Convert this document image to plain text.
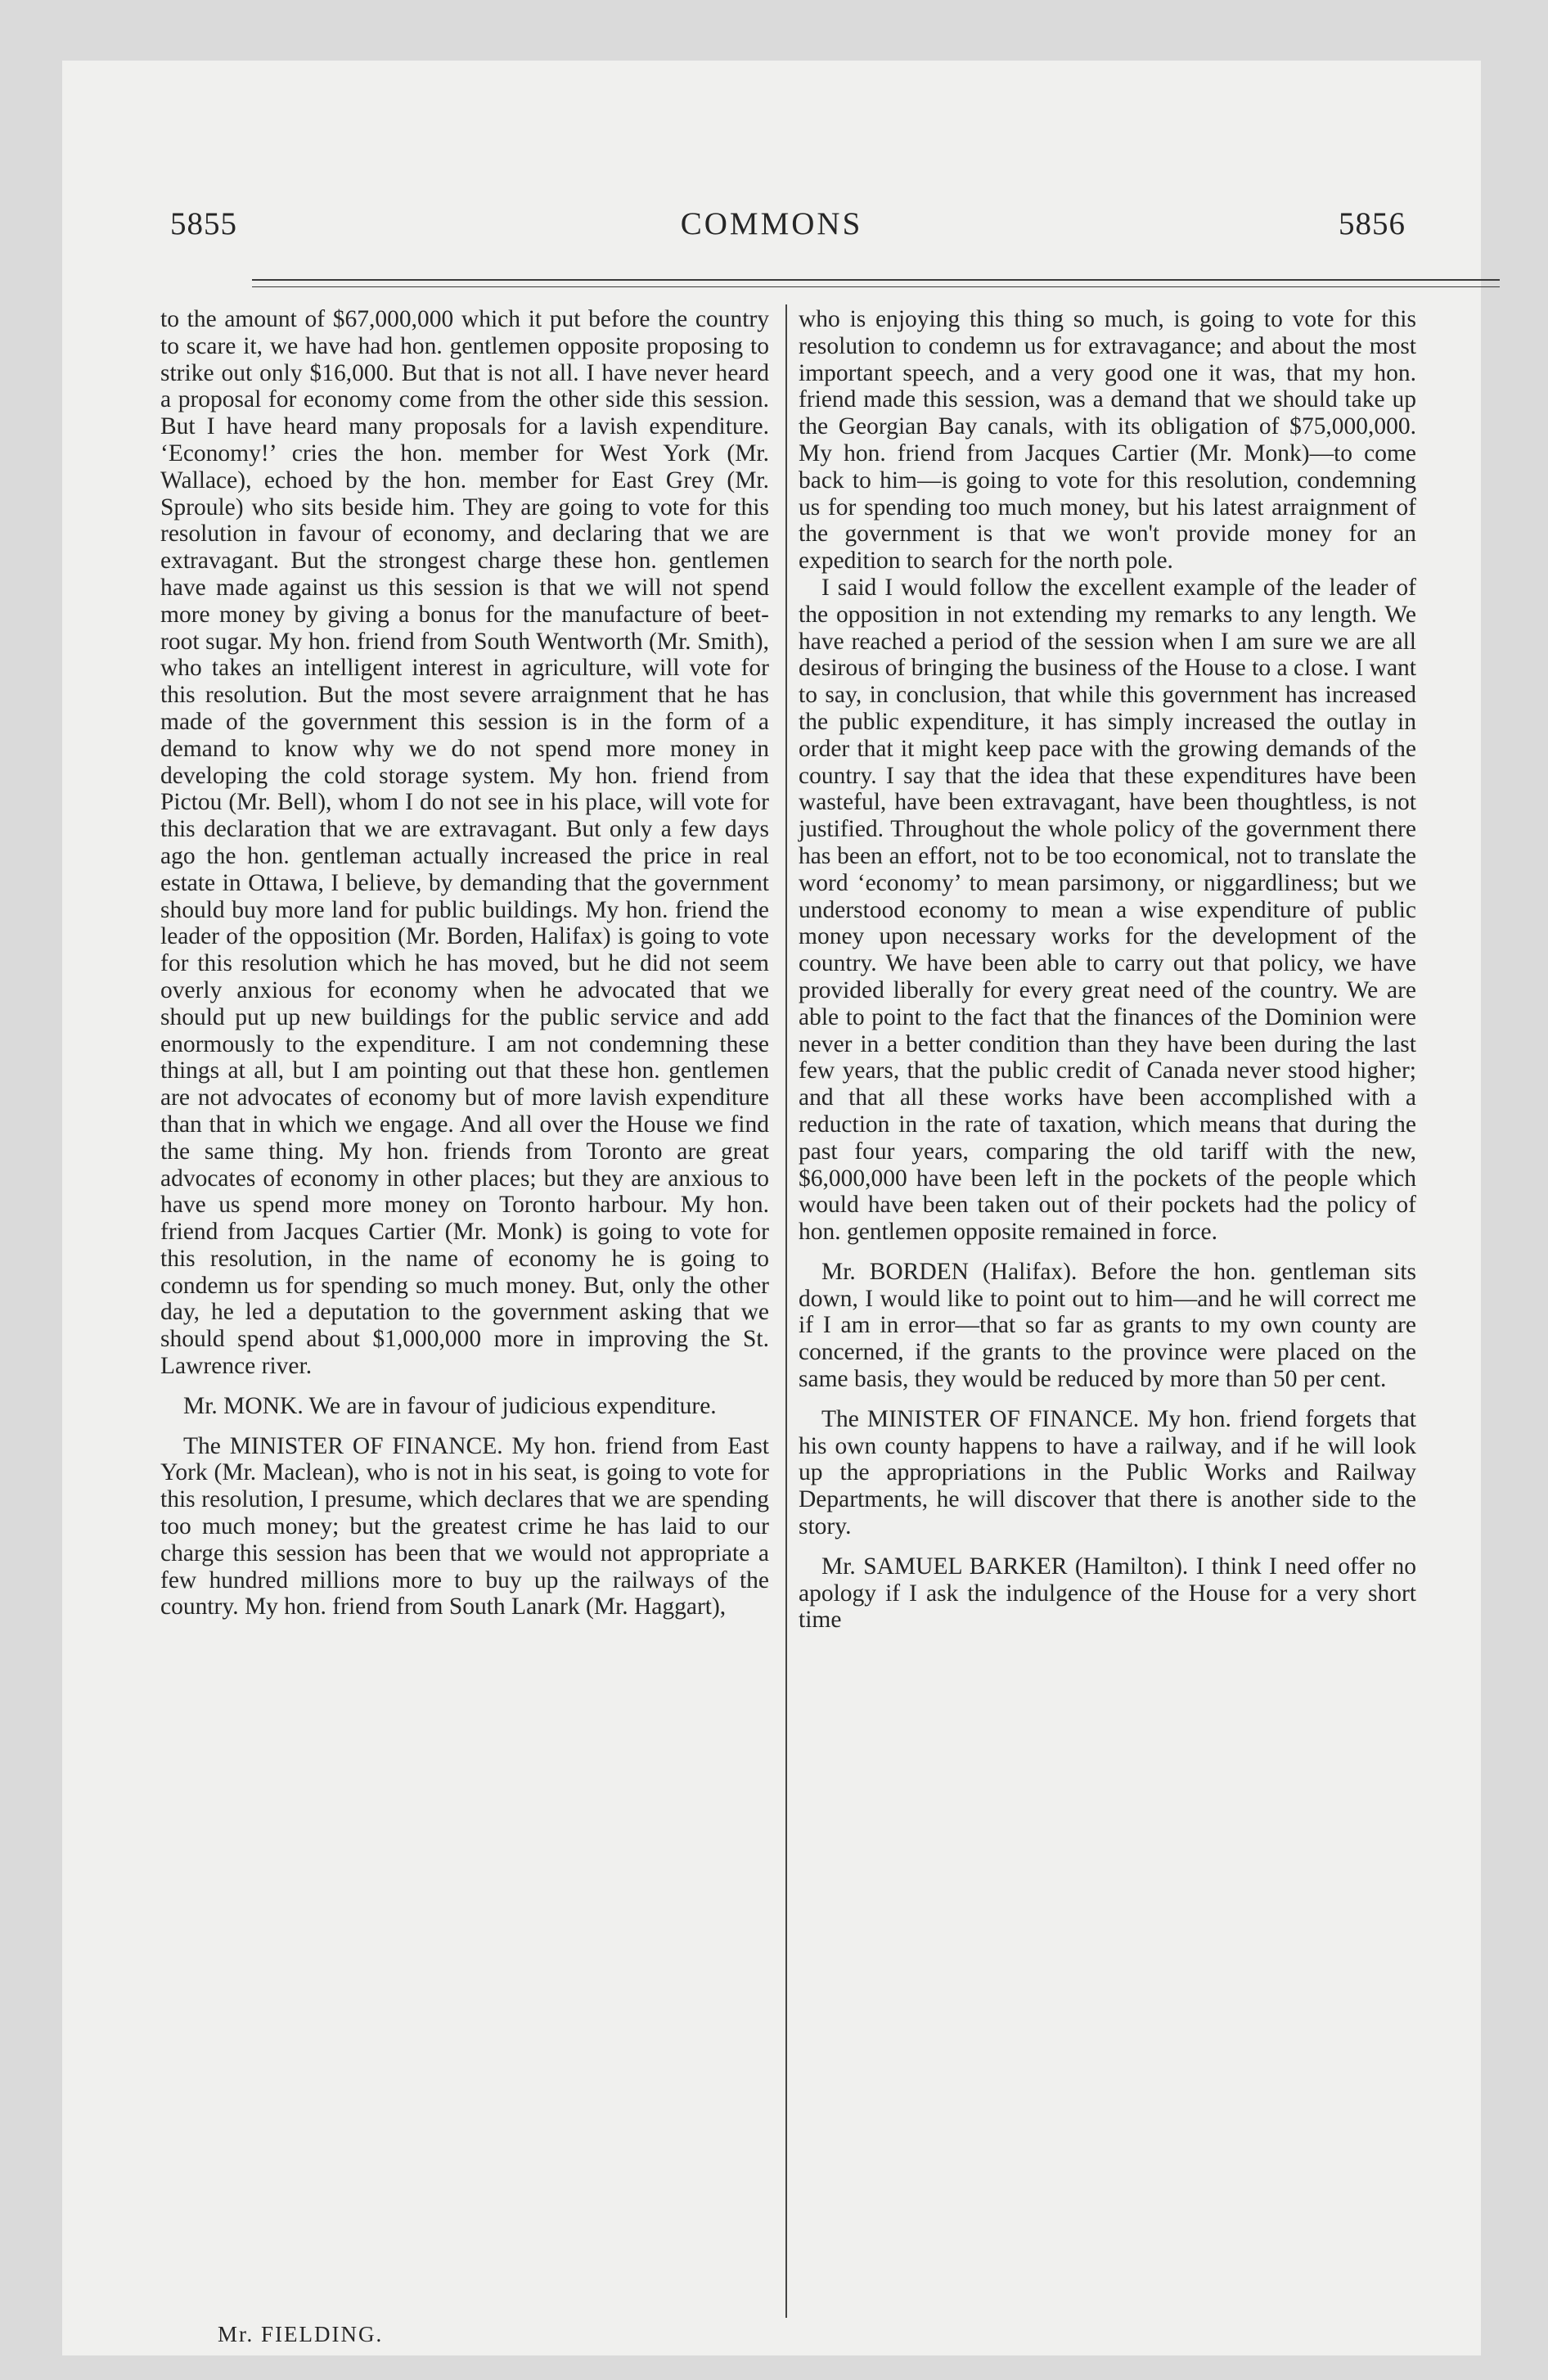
5855	COMMONS	5856

to the amount of $67,000,000 which it put before the country to scare it, we have had hon. gentlemen opposite proposing to strike out only $16,000. But that is not all. I have never heard a proposal for economy come from the other side this session. But I have heard many proposals for a lavish expenditure. ‘Economy!’ cries the hon. member for West York (Mr. Wallace), echoed by the hon. member for East Grey (Mr. Sproule) who sits beside him. They are going to vote for this resolution in favour of economy, and declaring that we are extravagant. But the strongest charge these hon. gentlemen have made against us this session is that we will not spend more money by giving a bonus for the manufacture of beet-root sugar. My hon. friend from South Wentworth (Mr. Smith), who takes an intelligent interest in agriculture, will vote for this resolution. But the most severe arraignment that he has made of the government this session is in the form of a demand to know why we do not spend more money in developing the cold storage system. My hon. friend from Pictou (Mr. Bell), whom I do not see in his place, will vote for this declaration that we are extravagant. But only a few days ago the hon. gentleman actually increased the price in real estate in Ottawa, I believe, by demanding that the government should buy more land for public buildings. My hon. friend the leader of the opposition (Mr. Borden, Halifax) is going to vote for this resolution which he has moved, but he did not seem overly anxious for economy when he advocated that we should put up new buildings for the public service and add enormously to the expenditure. I am not condemning these things at all, but I am pointing out that these hon. gentlemen are not advocates of economy but of more lavish expenditure than that in which we engage. And all over the House we find the same thing. My hon. friends from Toronto are great advocates of economy in other places; but they are anxious to have us spend more money on Toronto harbour. My hon. friend from Jacques Cartier (Mr. Monk) is going to vote for this resolution, in the name of economy he is going to condemn us for spending so much money. But, only the other day, he led a deputation to the government asking that we should spend about $1,000,000 more in improving the St. Lawrence river.

Mr. MONK. We are in favour of judicious expenditure.

The MINISTER OF FINANCE. My hon. friend from East York (Mr. Maclean), who is not in his seat, is going to vote for this resolution, I presume, which declares that we are spending too much money; but the greatest crime he has laid to our charge this session has been that we would not appropriate a few hundred millions more to buy up the railways of the country. My hon. friend from South Lanark (Mr. Haggart),

who is enjoying this thing so much, is going to vote for this resolution to condemn us for extravagance; and about the most important speech, and a very good one it was, that my hon. friend made this session, was a demand that we should take up the Georgian Bay canals, with its obligation of $75,000,000. My hon. friend from Jacques Cartier (Mr. Monk)—to come back to him—is going to vote for this resolution, condemning us for spending too much money, but his latest arraignment of the government is that we won't provide money for an expedition to search for the north pole.

I said I would follow the excellent example of the leader of the opposition in not extending my remarks to any length. We have reached a period of the session when I am sure we are all desirous of bringing the business of the House to a close. I want to say, in conclusion, that while this government has increased the public expenditure, it has simply increased the outlay in order that it might keep pace with the growing demands of the country. I say that the idea that these expenditures have been wasteful, have been extravagant, have been thoughtless, is not justified. Throughout the whole policy of the government there has been an effort, not to be too economical, not to translate the word ‘economy’ to mean parsimony, or niggardliness; but we understood economy to mean a wise expenditure of public money upon necessary works for the development of the country. We have been able to carry out that policy, we have provided liberally for every great need of the country. We are able to point to the fact that the finances of the Dominion were never in a better condition than they have been during the last few years, that the public credit of Canada never stood higher; and that all these works have been accomplished with a reduction in the rate of taxation, which means that during the past four years, comparing the old tariff with the new, $6,000,000 have been left in the pockets of the people which would have been taken out of their pockets had the policy of hon. gentlemen opposite remained in force.

Mr. BORDEN (Halifax). Before the hon. gentleman sits down, I would like to point out to him—and he will correct me if I am in error—that so far as grants to my own county are concerned, if the grants to the province were placed on the same basis, they would be reduced by more than 50 per cent.

The MINISTER OF FINANCE. My hon. friend forgets that his own county happens to have a railway, and if he will look up the appropriations in the Public Works and Railway Departments, he will discover that there is another side to the story.

Mr. SAMUEL BARKER (Hamilton). I think I need offer no apology if I ask the indulgence of the House for a very short time

Mr. FIELDING.
